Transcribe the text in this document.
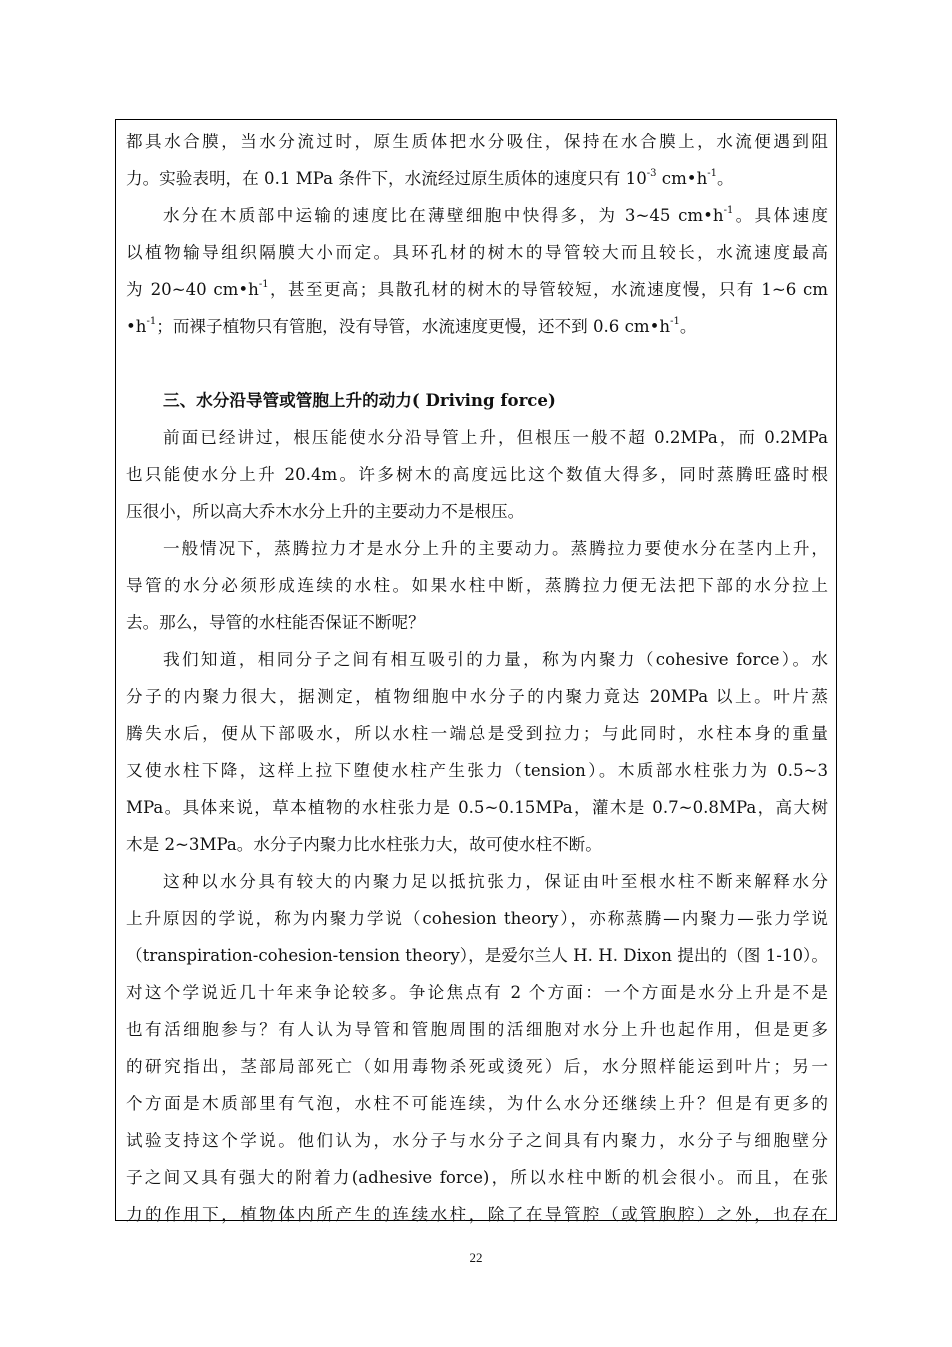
都具水合膜，当水分流过时，原生质体把水分吸住，保持在水合膜上，水流便遇到阻
力。实验表明，在 0.1 MPa 条件下，水流经过原生质体的速度只有 $10^{-3}$ $cm•h^{-1}$。
水分在木质部中运输的速度比在薄壁细胞中快得多，为 3~45 $cm•h^{-1}$。具体速度
以植物输导组织隔膜大小而定。具环孔材的树木的导管较大而且较长，水流速度最高
为 20~40 $cm•h^{-1}$，甚至更高；具散孔材的树木的导管较短，水流速度慢，只有 1~6 cm
$•h^{-1}$；而裸子植物只有管胞，没有导管，水流速度更慢，还不到 0.6 $cm•h^{-1}$。
三、水分沿导管或管胞上升的动力( Driving force)
前面已经讲过，根压能使水分沿导管上升，但根压一般不超 0.2MPa，而 0.2MPa
也只能使水分上升 20.4m。许多树木的高度远比这个数值大得多，同时蒸腾旺盛时根
压很小，所以高大乔木水分上升的主要动力不是根压。
一般情况下，蒸腾拉力才是水分上升的主要动力。蒸腾拉力要使水分在茎内上升，
导管的水分必须形成连续的水柱。如果水柱中断，蒸腾拉力便无法把下部的水分拉上
去。那么，导管的水柱能否保证不断呢？
我们知道，相同分子之间有相互吸引的力量，称为内聚力（cohesive force）。水
分子的内聚力很大，据测定，植物细胞中水分子的内聚力竟达 20MPa 以上。叶片蒸
腾失水后，便从下部吸水，所以水柱一端总是受到拉力；与此同时，水柱本身的重量
又使水柱下降，这样上拉下堕使水柱产生张力（tension）。木质部水柱张力为 0.5~3
MPa。具体来说，草本植物的水柱张力是 0.5~0.15MPa，灌木是 0.7~0.8MPa，高大树
木是 2~3MPa。水分子内聚力比水柱张力大，故可使水柱不断。
这种以水分具有较大的内聚力足以抵抗张力，保证由叶至根水柱不断来解释水分
上升原因的学说，称为内聚力学说（cohesion theory），亦称蒸腾—内聚力—张力学说
（transpiration-cohesion-tension theory），是爱尔兰人 H. H. Dixon 提出的（图 1-10）。
对这个学说近几十年来争论较多。争论焦点有 2 个方面：一个方面是水分上升是不是
也有活细胞参与？有人认为导管和管胞周围的活细胞对水分上升也起作用，但是更多
的研究指出，茎部局部死亡（如用毒物杀死或烫死）后，水分照样能运到叶片；另一
个方面是木质部里有气泡，水柱不可能连续，为什么水分还继续上升？但是有更多的
试验支持这个学说。他们认为，水分子与水分子之间具有内聚力，水分子与细胞壁分
子之间又具有强大的附着力(adhesive force)，所以水柱中断的机会很小。而且，在张
力的作用下，植物体内所产生的连续水柱，除了在导管腔（或管胞腔）之外，也存在
22
